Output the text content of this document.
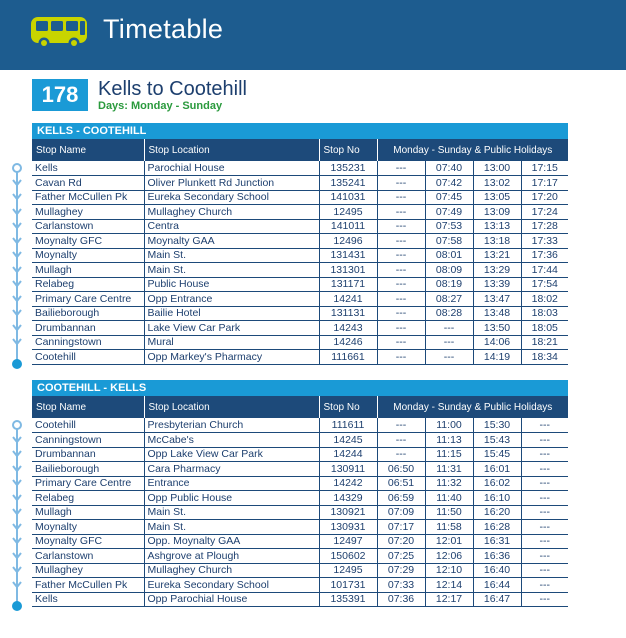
Timetable
178 Kells to Cootehill
Days: Monday - Sunday
KELLS - COOTEHILL
Stop Name	Stop Location	Stop No	Monday - Sunday & Public Holidays			
Kells	Parochial House	135231	---	07:40	13:00	17:15
Cavan Rd	Oliver Plunkett Rd Junction	135241	---	07:42	13:02	17:17
Father McCullen Pk	Eureka Secondary School	141031	---	07:45	13:05	17:20
Mullaghey	Mullaghey Church	12495	---	07:49	13:09	17:24
Carlanstown	Centra	141011	---	07:53	13:13	17:28
Moynalty GFC	Moynalty GAA	12496	---	07:58	13:18	17:33
Moynalty	Main St.	131431	---	08:01	13:21	17:36
Mullagh	Main St.	131301	---	08:09	13:29	17:44
Relabeg	Public House	131171	---	08:19	13:39	17:54
Primary Care Centre	Opp Entrance	14241	---	08:27	13:47	18:02
Bailieborough	Bailie Hotel	131131	---	08:28	13:48	18:03
Drumbannan	Lake View Car Park	14243	---	---	13:50	18:05
Canningstown	Mural	14246	---	---	14:06	18:21
Cootehill	Opp Markey's Pharmacy	111661	---	---	14:19	18:34
COOTEHILL - KELLS
Stop Name	Stop Location	Stop No	Monday - Sunday & Public Holidays			
Cootehill	Presbyterian Church	111611	---	11:00	15:30	---
Canningstown	McCabe's	14245	---	11:13	15:43	---
Drumbannan	Opp Lake View Car Park	14244	---	11:15	15:45	---
Bailieborough	Cara Pharmacy	130911	06:50	11:31	16:01	---
Primary Care Centre	Entrance	14242	06:51	11:32	16:02	---
Relabeg	Opp Public House	14329	06:59	11:40	16:10	---
Mullagh	Main St.	130921	07:09	11:50	16:20	---
Moynalty	Main St.	130931	07:17	11:58	16:28	---
Moynalty GFC	Opp. Moynalty GAA	12497	07:20	12:01	16:31	---
Carlanstown	Ashgrove at Plough	150602	07:25	12:06	16:36	---
Mullaghey	Mullaghey Church	12495	07:29	12:10	16:40	---
Father McCullen Pk	Eureka Secondary School	101731	07:33	12:14	16:44	---
Kells	Opp Parochial House	135391	07:36	12:17	16:47	---
